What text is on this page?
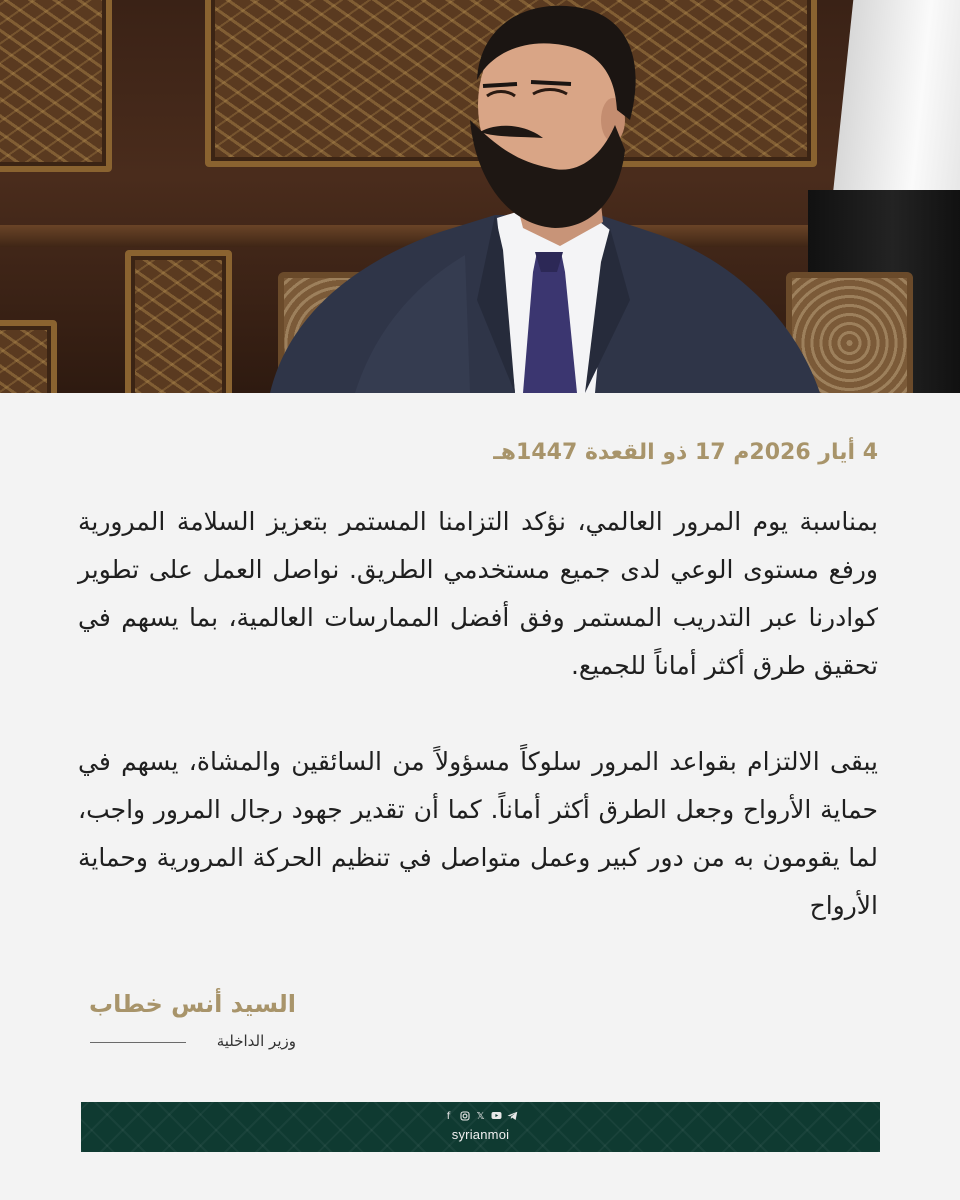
4 أيار 2026م 17 ذو القعدة 1447هـ
بمناسبة يوم المرور العالمي، نؤكد التزامنا المستمر بتعزيز السلامة المرورية ورفع مستوى الوعي لدى جميع مستخدمي الطريق. نواصل العمل على تطوير كوادرنا عبر التدريب المستمر وفق أفضل الممارسات العالمية، بما يسهم في تحقيق طرق أكثر أماناً للجميع.
يبقى الالتزام بقواعد المرور سلوكاً مسؤولاً من السائقين والمشاة، يسهم في حماية الأرواح وجعل الطرق أكثر أماناً. كما أن تقدير جهود رجال المرور واجب، لما يقومون به من دور كبير وعمل متواصل في تنظيم الحركة المرورية وحماية الأرواح
السيد أنس خطاب
وزير الداخلية
f	𝕏
syrianmoi
